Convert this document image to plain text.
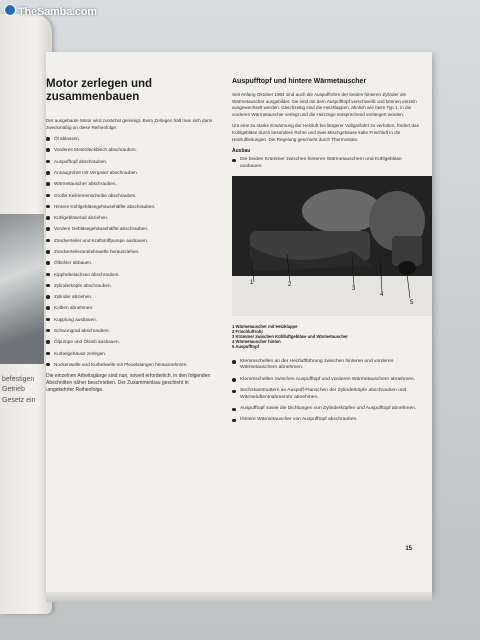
befestigen
Getrieb
Gesetz ein
Motor zerlegen und zusammenbauen

Der ausgebaute Motor wird zunächst gereinigt. Beim Zerlegen hält man sich dann zweckmäßig an diese Reihenfolge:

Öl ablassen.
Vorderes Motordeckblech abschrauben.
Auspufftopf abschrauben.
Ansaugrohre mit Vergaser abschrauben.
Wärmetauscher abschrauben.
Große Keilriemenscheibe abschrauben.
Hintere Kühlgebläsegehäusehälfte abschrauben.
Kühlgebläserad abziehen.
Vordere Gebläsegehäusehälfte abschrauben.
Zündverteiler und Kraftstoffpumpe ausbauen.
Zündverteilerantriebswelle herausziehen.
Ölkühler abbauen.
Kipphebelachsen abschrauben.
Zylinderköpfe abschrauben.
Zylinder abziehen.
Kolben abnehmen.
Kupplung ausbauen.
Schwungrad abschrauben.
Ölpumpe und Ölsieb ausbauen.
Kurbelgehäuse zerlegen.
Nockenwelle und Kurbelwelle mit Pleuelstangen herausnehmen.

Die einzelnen Arbeitsgänge sind nun, soweit erforderlich, in den folgenden Abschnitten näher beschrieben. Der Zusammenbau geschieht in umgekehrter Reihenfolge.

Auspufftopf und hintere Wärmetauscher

Seit Anfang Oktober 1964 sind auch die Auspuffrohre der beiden hinteren Zylinder als Wärmetauscher ausgebildet. Sie sind mit dem Auspufftopf verschweißt und können einzeln ausgewechselt werden. Gleichzeitig sind die Heizklappen, ähnlich wie beim Typ 1, in die vorderen Wärmetauscher verlegt und die Heizzüge entsprechend verlängert worden.

Um eine zu starke Erwärmung der Heizluft bei längerer Vollgasfahrt zu verhüten, fördert das Kühlgebläse durch besondere Rohre und zwei Mischgehäuse kalte Frischluft in die Heizluftleitungen. Die Regelung geschieht durch Thermostate.

Ausbau
Die beiden Krümmer zwischen hinteren Wärmetauschern und Kühlgebläse ausbauen.
1	2
3
4
5
1 Wärmetauscher mit Heizklappe
2 Frischluftrohr
3 Krümmer zwischen Kühlluftgebläse und Wärmetauscher
4 Wärmetauscher hinten
5 Auspufftopf
Klemmschellen an der Heizluftführung zwischen hinteren und vorderen Wärmetauschern abnehmen.
Klemmschellen zwischen Auspufftopf und vorderen Wärmetauschern abnehmen.
Sechskantmuttern an Auspuff-Flanschen der Zylinderköpfe abschrauben und Wärmeluftentnahmerohr abnehmen.
Auspufftopf sowie die Dichtungen von Zylinderköpfen und Auspufftopf abnehmen.
Hintere Wärmetauscher von Auspufftopf abschrauben.
15
TheSamba.com
